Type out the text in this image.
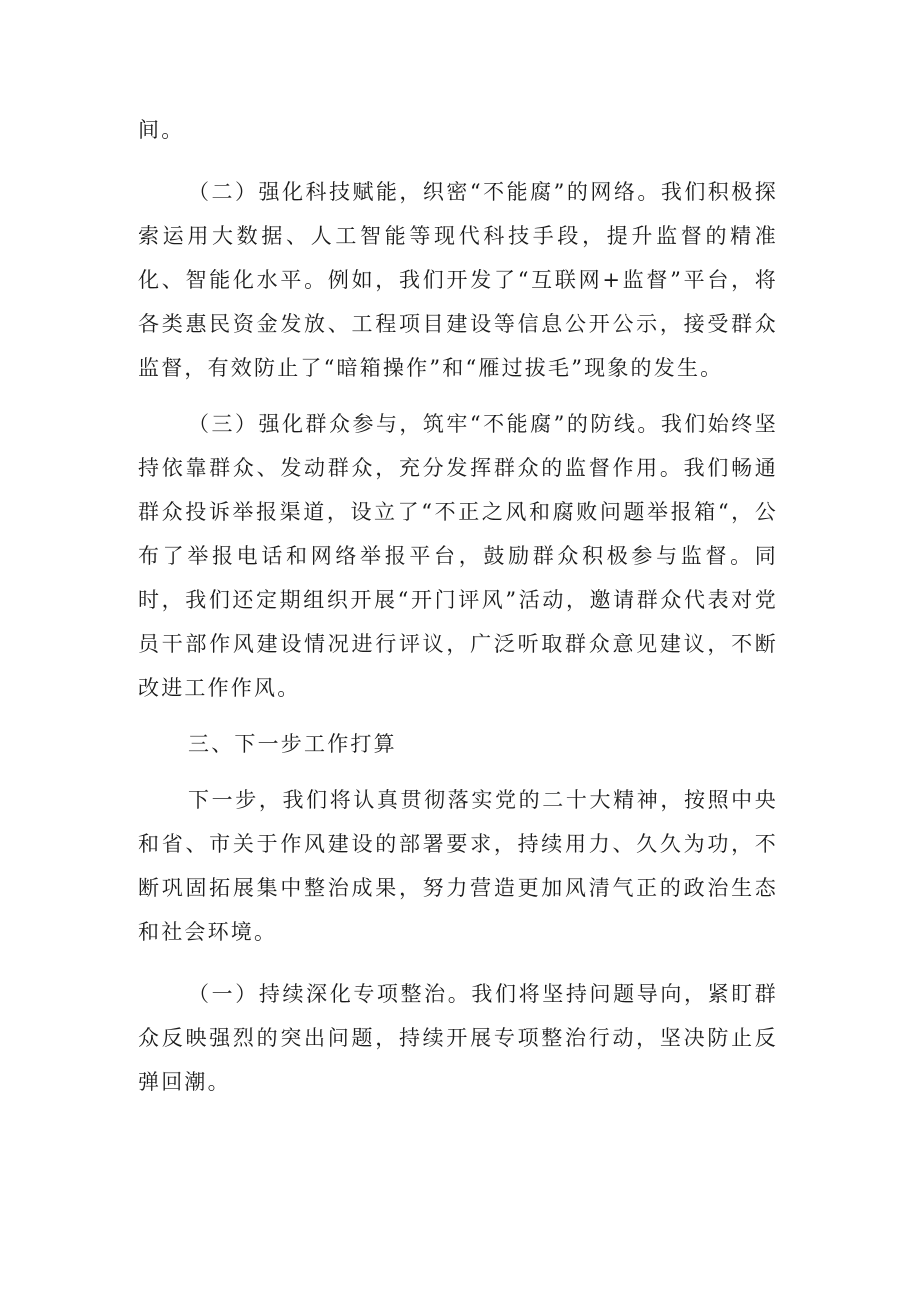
间。

（二）强化科技赋能，织密“不能腐”的网络。我们积极探索运用大数据、人工智能等现代科技手段，提升监督的精准化、智能化水平。例如，我们开发了“互联网+监督”平台，将各类惠民资金发放、工程项目建设等信息公开公示，接受群众监督，有效防止了“暗箱操作”和“雁过拔毛”现象的发生。

（三）强化群众参与，筑牢“不能腐”的防线。我们始终坚持依靠群众、发动群众，充分发挥群众的监督作用。我们畅通群众投诉举报渠道，设立了“不正之风和腐败问题举报箱“，公布了举报电话和网络举报平台，鼓励群众积极参与监督。同时，我们还定期组织开展“开门评风”活动，邀请群众代表对党员干部作风建设情况进行评议，广泛听取群众意见建议，不断改进工作作风。

三、下一步工作打算

下一步，我们将认真贯彻落实党的二十大精神，按照中央和省、市关于作风建设的部署要求，持续用力、久久为功，不断巩固拓展集中整治成果，努力营造更加风清气正的政治生态和社会环境。

（一）持续深化专项整治。我们将坚持问题导向，紧盯群众反映强烈的突出问题，持续开展专项整治行动，坚决防止反弹回潮。
